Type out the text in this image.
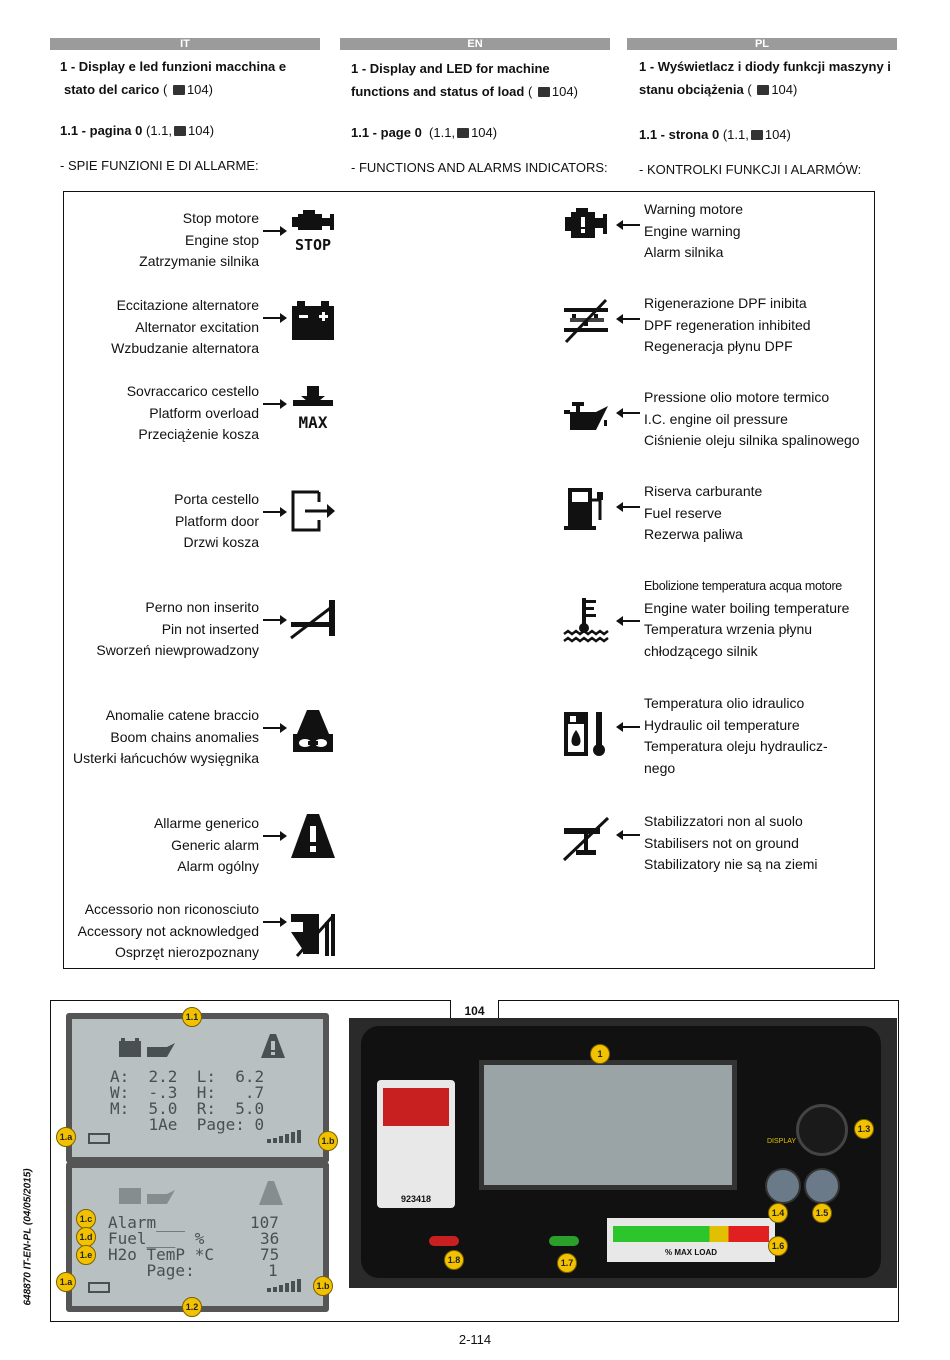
IT	EN	PL
1 - Display e led funzioni macchina e
stato del carico ( 104)
1.1 - pagina 0 (1.1, 104)
- SPIE FUNZIONI E DI ALLARME:
1 - Display and LED for machine
functions and status of load ( 104)
1.1 - page 0 (1.1, 104)
- FUNCTIONS AND ALARMS INDICATORS:
1 - Wyświetlacz i diody funkcji maszyny i
stanu obciążenia ( 104)
1.1 - strona 0 (1.1, 104)
- KONTROLKI FUNKCJI I ALARMÓW:
Stop motore
Engine stop
Zatrzymanie silnika
Eccitazione alternatore
Alternator excitation
Wzbudzanie alternatora
Sovraccarico cestello
Platform overload
Przeciążenie kosza
Porta cestello
Platform door
Drzwi kosza
Perno non inserito
Pin not inserted
Sworzeń niewprowadzony
Anomalie catene braccio
Boom chains anomalies
Usterki łańcuchów wysięgnika
Allarme generico
Generic alarm
Alarm ogólny
Accessorio non riconosciuto
Accessory not acknowledged
Osprzęt nierozpoznany
STOP
MAX
Warning motore
Engine warning
Alarm silnika
Rigenerazione DPF inibita
DPF regeneration inhibited
Regeneracja płynu DPF
Pressione olio motore termico
I.C. engine oil pressure
Ciśnienie oleju silnika spalinowego
Riserva carburante
Fuel reserve
Rezerwa paliwa
Ebolizione temperatura acqua motore
Engine water boiling temperature
Temperatura wrzenia płynu
chłodzącego silnik
Temperatura olio idraulico
Hydraulic oil temperature
Temperatura oleju hydraulicz-
nego
Stabilizzatori non al suolo
Stabilisers not on ground
Stabilizatory nie są na ziemi
104
A:  2.2  L:  6.2
W:  -.3  H:   .7
M:  5.0  R:  5.0
1Ae  Page: 0
Alarm___	107
Fuel___  %	36
H2o TemP *C	75
Page:	1
923418
DISPLAY
% MAX LOAD
1.1
1.a	1.b
1.c
1.d
1.e
1.a	1.b
1.2
1
1.3
1.4	1.5
1.6
1.7
1.8
648870 IT-EN-PL (04/05/2015)
2-114
